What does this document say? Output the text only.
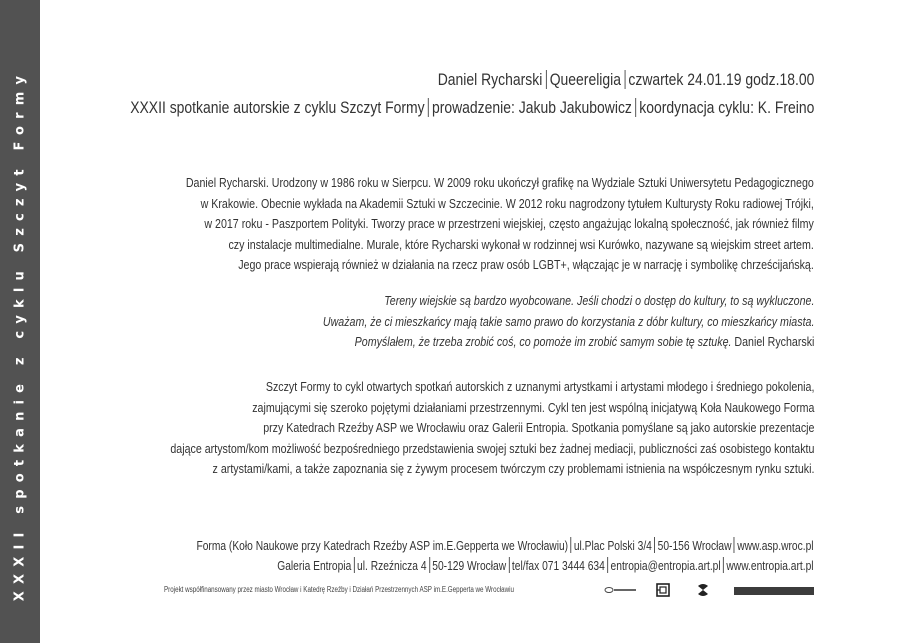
XXXII spotkanie z cyklu Szczyt Formy	Daniel Rycharski Queereligia czwartek 24.01.19 godz.18.00
XXXII spotkanie autorskie z cyklu Szczyt Formy prowadzenie: Jakub Jakubowicz koordynacja cyklu: K. Freino
Daniel Rycharski. Urodzony w 1986 roku w Sierpcu. W 2009 roku ukończył grafikę na Wydziale Sztuki Uniwersytetu Pedagogicznego
w Krakowie. Obecnie wykłada na Akademii Sztuki w Szczecinie. W 2012 roku nagrodzony tytułem Kulturysty Roku radiowej Trójki,
w 2017 roku - Paszportem Polityki. Tworzy prace w przestrzeni wiejskiej, często angażując lokalną społeczność, jak również filmy
czy instalacje multimedialne. Murale, które Rycharski wykonał w rodzinnej wsi Kurówko, nazywane są wiejskim street artem.
Jego prace wspierają również w działania na rzecz praw osób LGBT+, włączając je w narrację i symbolikę chrześcijańską.
Tereny wiejskie są bardzo wyobcowane. Jeśli chodzi o dostęp do kultury, to są wykluczone.
Uważam, że ci mieszkańcy mają takie samo prawo do korzystania z dóbr kultury, co mieszkańcy miasta.
Pomyślałem, że trzeba zrobić coś, co pomoże im zrobić samym sobie tę sztukę. Daniel Rycharski
Szczyt Formy to cykl otwartych spotkań autorskich z uznanymi artystkami i artystami młodego i średniego pokolenia,
zajmującymi się szeroko pojętymi działaniami przestrzennymi. Cykl ten jest wspólną inicjatywą Koła Naukowego Forma
przy Katedrach Rzeźby ASP we Wrocławiu oraz Galerii Entropia. Spotkania pomyślane są jako autorskie prezentacje
dające artystom/kom możliwość bezpośredniego przedstawienia swojej sztuki bez żadnej mediacji, publiczności zaś osobistego kontaktu
z artystami/kami, a także zapoznania się z żywym procesem twórczym czy problemami istnienia na współczesnym rynku sztuki.
Forma (Koło Naukowe przy Katedrach Rzeźby ASP im.E.Gepperta we Wrocławiu) ul.Plac Polski 3/4 50-156 Wrocław www.asp.wroc.pl
Galeria Entropia ul. Rzeźnicza 4 50-129 Wrocław tel/fax 071 3444 634 entropia@entropia.art.pl www.entropia.art.pl
Projekt współfinansowany przez miasto Wrocław i Katedrę Rzeźby i Działań Przestrzennych ASP im.E.Gepperta we Wrocławiu
